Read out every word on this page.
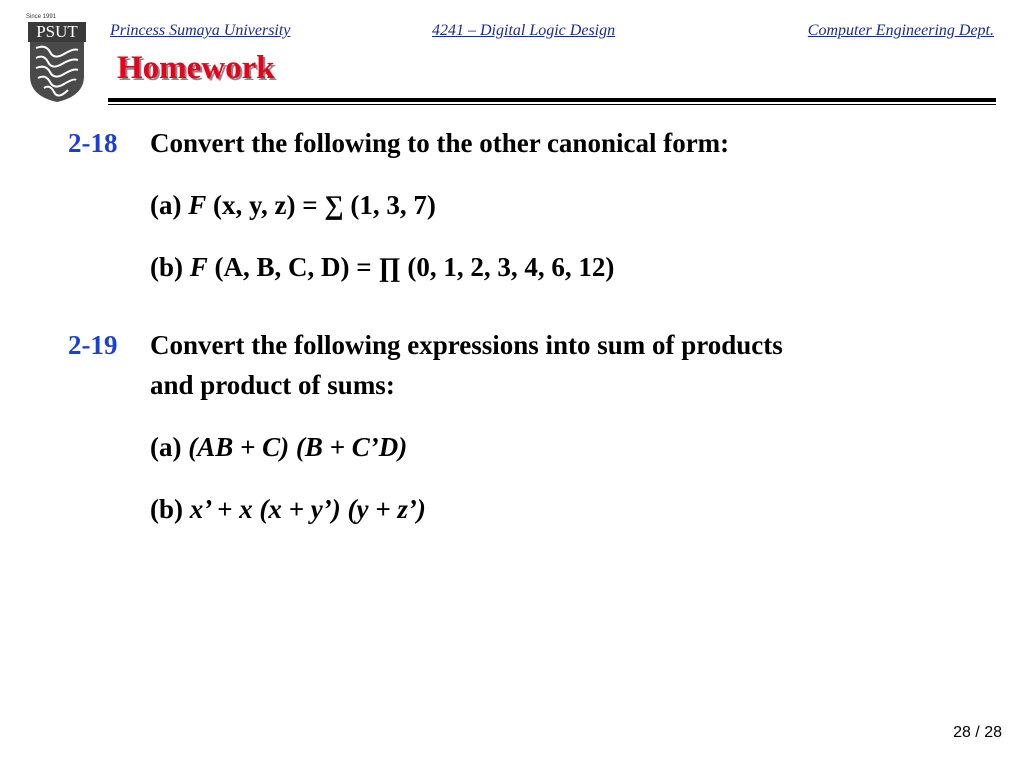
Since 1991
PSUT	Princess Sumaya University	4241 – Digital Logic Design	Computer Engineering Dept.
Homework
2-18 Convert the following to the other canonical form:
(a) F (x, y, z) = ∑ (1, 3, 7)
(b) F (A, B, C, D) = ∏ (0, 1, 2, 3, 4, 6, 12)
2-19 Convert the following expressions into sum of products
and product of sums:
(a) (AB + C) (B + C’D)
(b) x’ + x (x + y’) (y + z’)
28 / 28
